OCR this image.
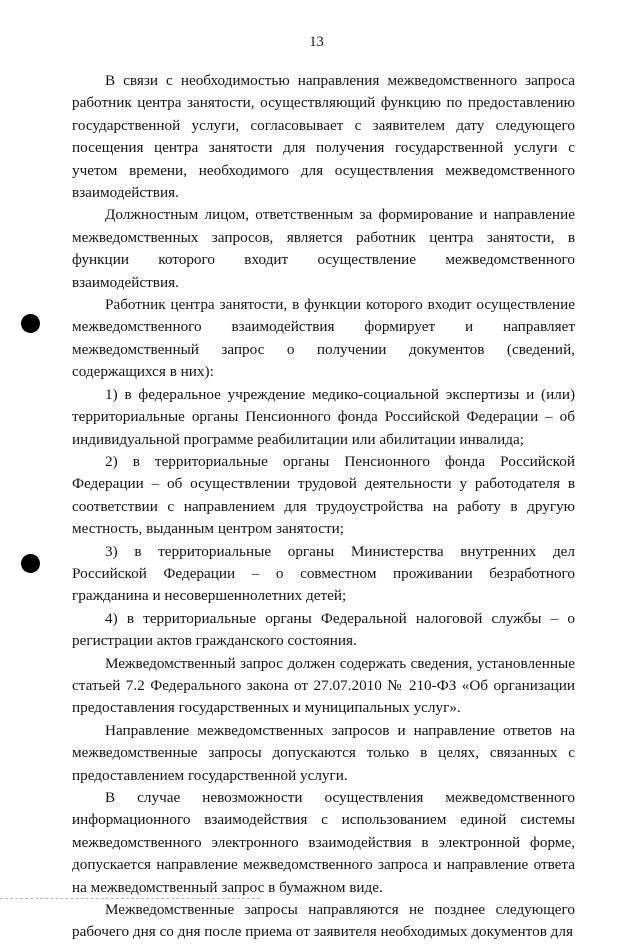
13

В связи с необходимостью направления межведомственного запроса работник центра занятости, осуществляющий функцию по предоставлению государственной услуги, согласовывает с заявителем дату следующего посещения центра занятости для получения государственной услуги с учетом времени, необходимого для осуществления межведомственного взаимодействия.

Должностным лицом, ответственным за формирование и направление межведомственных запросов, является работник центра занятости, в функции которого входит осуществление межведомственного взаимодействия.

Работник центра занятости, в функции которого входит осуществление межведомственного взаимодействия формирует и направляет межведомственный запрос о получении документов (сведений, содержащихся в них):

1) в федеральное учреждение медико-социальной экспертизы и (или) территориальные органы Пенсионного фонда Российской Федерации – об индивидуальной программе реабилитации или абилитации инвалида;

2) в территориальные органы Пенсионного фонда Российской Федерации – об осуществлении трудовой деятельности у работодателя в соответствии с направлением для трудоустройства на работу в другую местность, выданным центром занятости;

3) в территориальные органы Министерства внутренних дел Российской Федерации – о совместном проживании безработного гражданина и несовершеннолетних детей;

4) в территориальные органы Федеральной налоговой службы – о регистрации актов гражданского состояния.

Межведомственный запрос должен содержать сведения, установленные статьей 7.2 Федерального закона от 27.07.2010 № 210-ФЗ «Об организации предоставления государственных и муниципальных услуг».

Направление межведомственных запросов и направление ответов на межведомственные запросы допускаются только в целях, связанных с предоставлением государственной услуги.

В случае невозможности осуществления межведомственного информационного взаимодействия с использованием единой системы межведомственного электронного взаимодействия в электронной форме, допускается направление межведомственного запроса и направление ответа на межведомственный запрос в бумажном виде.

Межведомственные запросы направляются не позднее следующего рабочего дня со дня после приема от заявителя необходимых документов для
